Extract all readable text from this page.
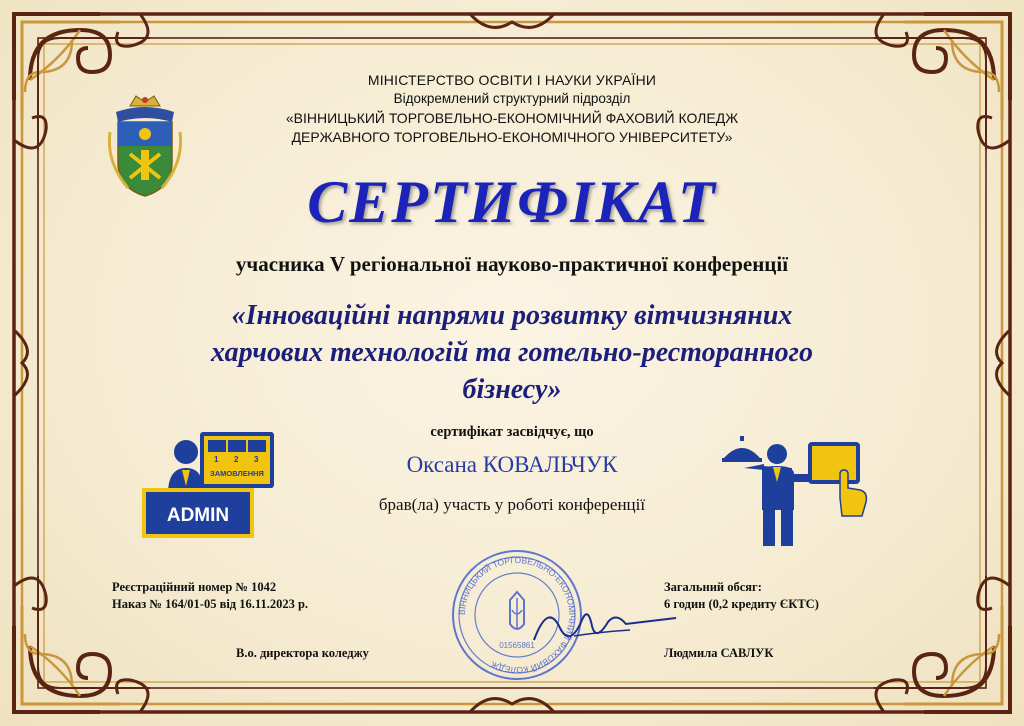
МІНІСТЕРСТВО ОСВІТИ І НАУКИ УКРАЇНИ
Відокремлений структурний підрозділ
«ВІННИЦЬКИЙ ТОРГОВЕЛЬНО-ЕКОНОМІЧНИЙ ФАХОВИЙ КОЛЕДЖ
ДЕРЖАВНОГО ТОРГОВЕЛЬНО-ЕКОНОМІЧНОГО УНІВЕРСИТЕТУ»
СЕРТИФІКАТ
учасника V регіональної науково-практичної конференції
«Інноваційні напрями розвитку вітчизняних
харчових технологій та готельно-ресторанного
бізнесу»
сертифікат засвідчує, що
Оксана КОВАЛЬЧУК
брав(ла) участь у роботі конференції
1 2 3
ЗАМОВЛЕННЯ
ADMIN
Реєстраційний номер № 1042
Наказ № 164/01-05 від 16.11.2023 р.
Загальний обсяг:
6 годин (0,2 кредиту ЄКТС)
В.о. директора коледжу	Людмила САВЛУК
ВІННИЦЬКИЙ ТОРГОВЕЛЬНО-ЕКОНОМІЧНИЙ ФАХОВИЙ КОЛЕДЖ
01565861
